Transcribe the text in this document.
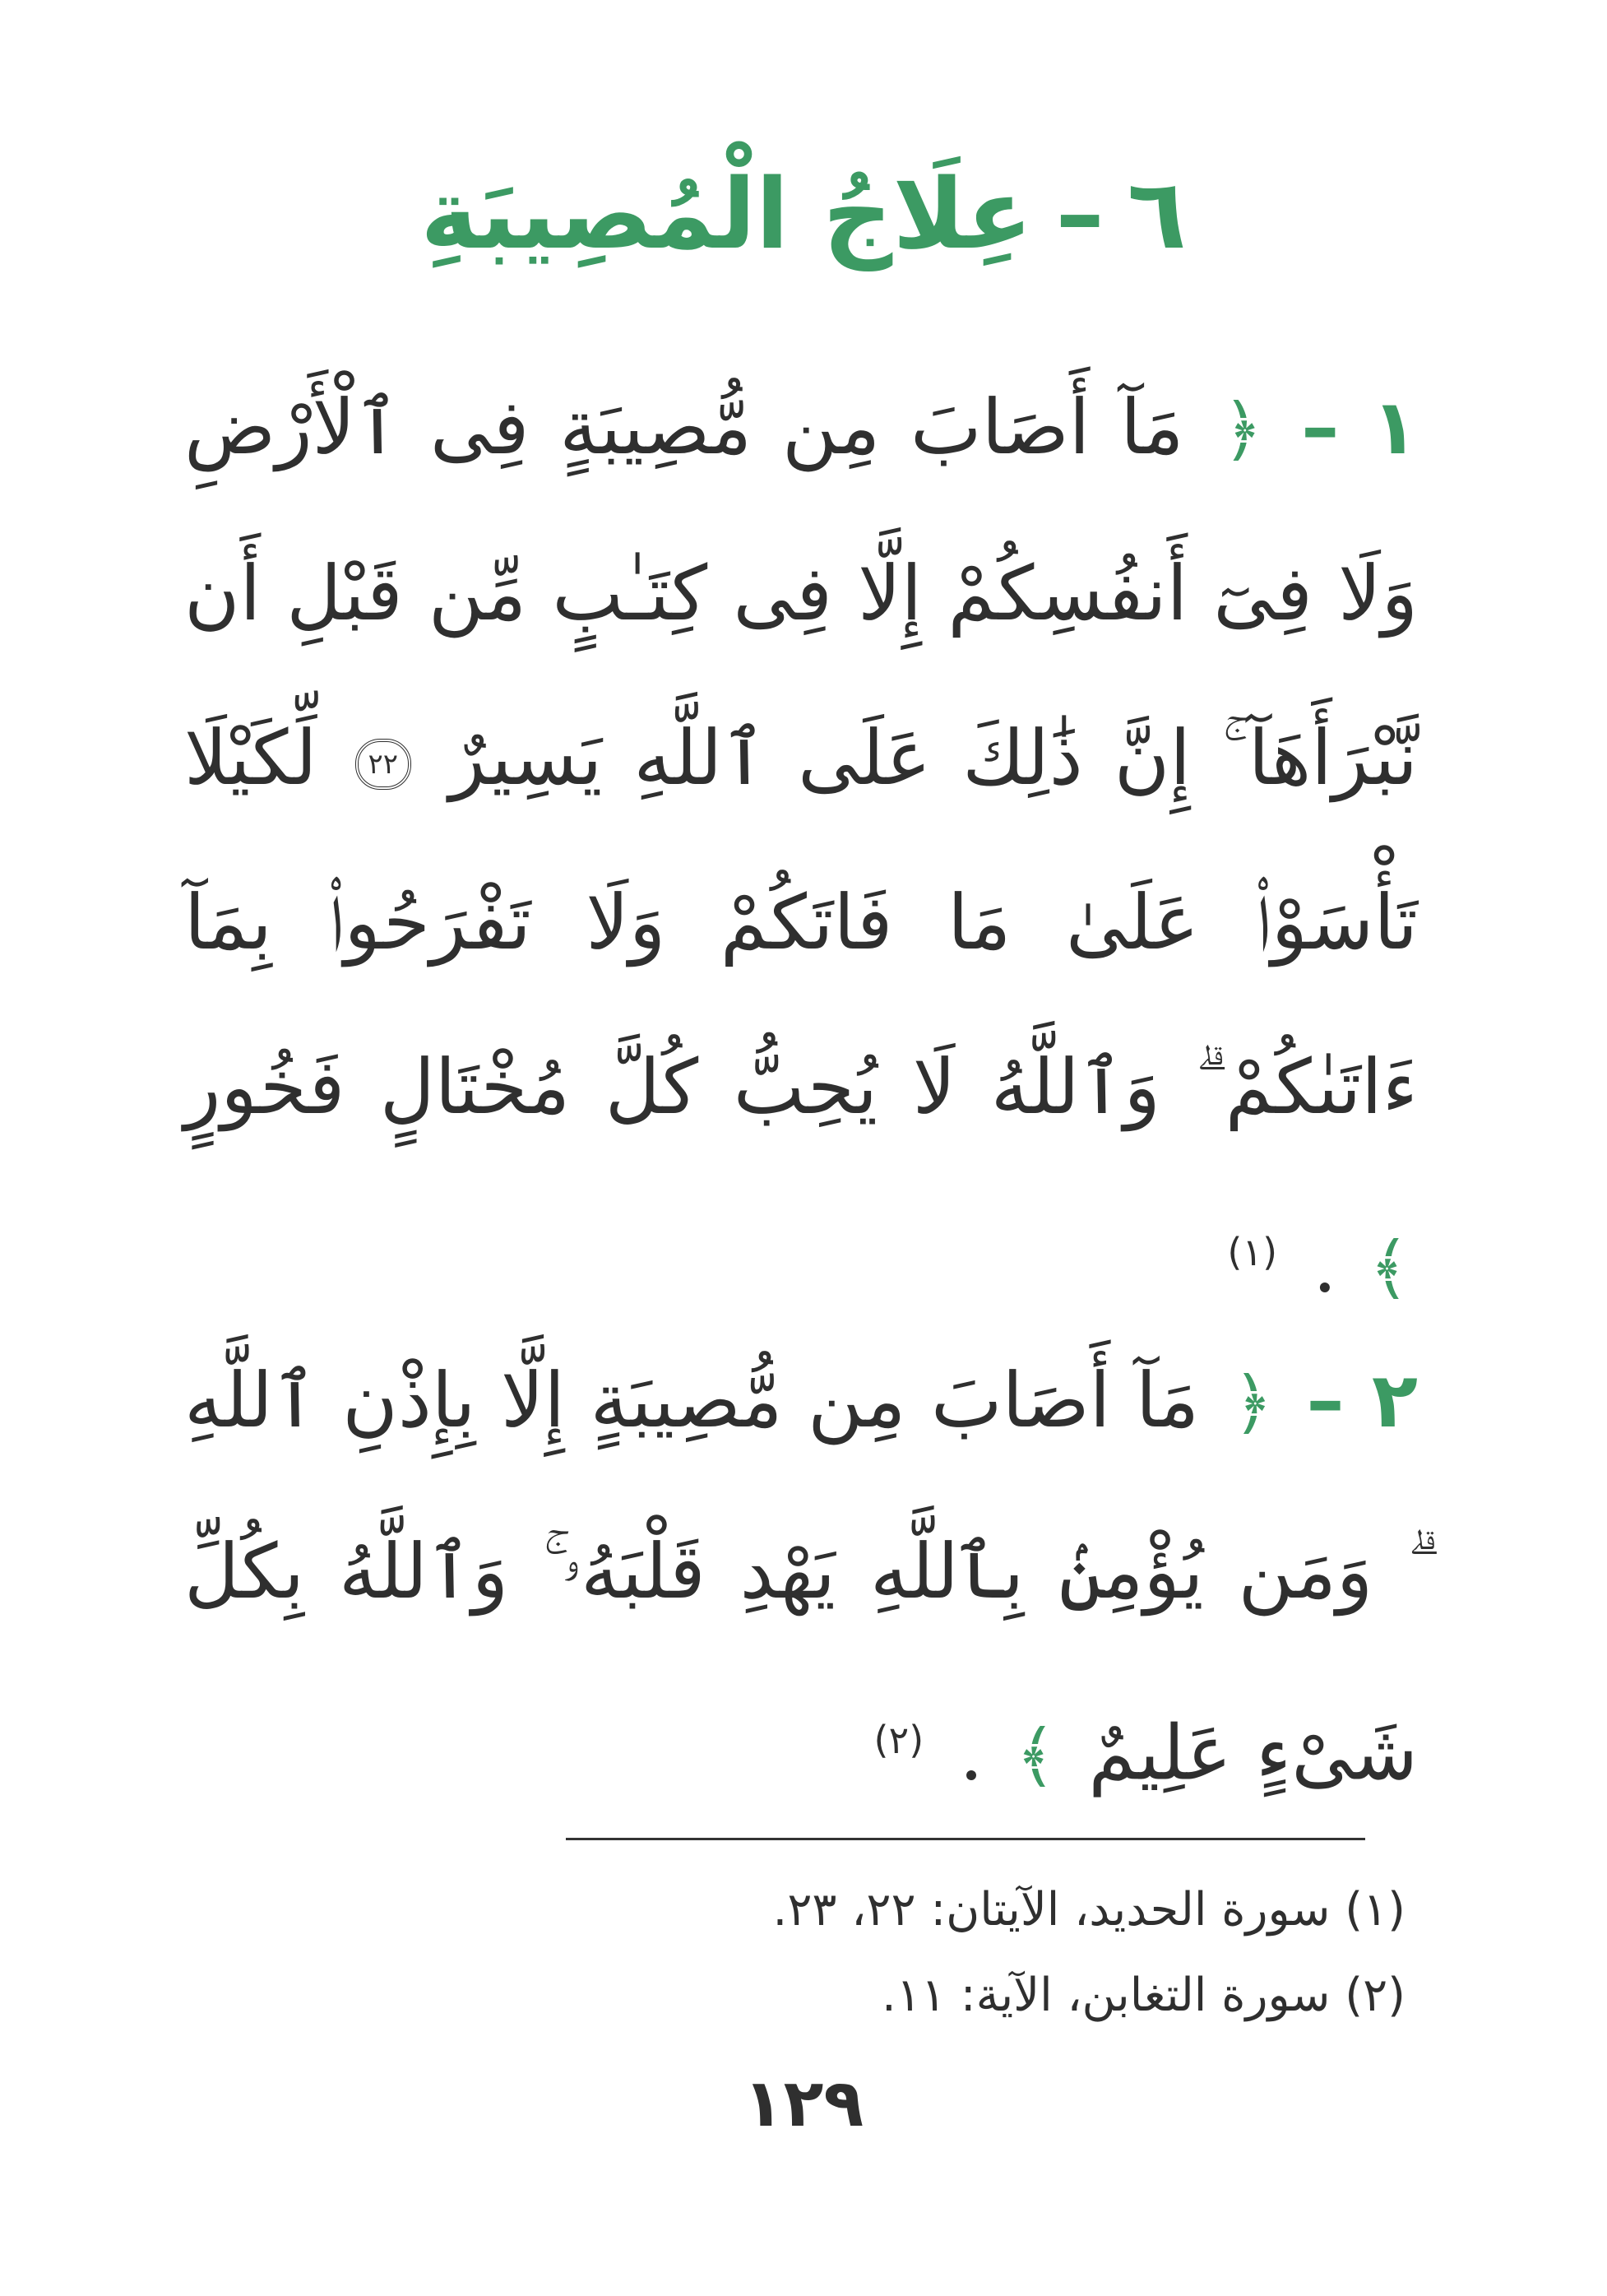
٦–عِلَاجُ الْمُصِيبَةِ
١ – ﴿ مَآ أَصَابَ مِن مُّصِيبَةٍ فِى ٱلْأَرْضِ وَلَا فِىٓ أَنفُسِكُمْ إِلَّا فِى كِتَـٰبٍ مِّن قَبْلِ أَن نَّبْرَأَهَآ ۚ إِنَّ ذَٰلِكَ عَلَى ٱللَّهِ يَسِيرٌ ٢٢ لِّكَيْلَا تَأْسَوْا۟ عَلَىٰ مَا فَاتَكُمْ وَلَا تَفْرَحُوا۟ بِمَآ ءَاتَىٰكُمْ ۗ وَٱللَّهُ لَا يُحِبُّ كُلَّ مُخْتَالٍ فَخُورٍ ﴾ . $^{(١)}$
٢ – ﴿ مَآ أَصَابَ مِن مُّصِيبَةٍ إِلَّا بِإِذْنِ ٱللَّهِ ۗ وَمَن يُؤْمِنۢ بِٱللَّهِ يَهْدِ قَلْبَهُۥ ۚ وَٱللَّهُ بِكُلِّ شَىْءٍ عَلِيمٌ ﴾ . $^{(٢)}$
(١) سورة الحديد، الآيتان: ٢٢، ٢٣.
(٢) سورة التغابن، الآية: ١١.
١٢٩
